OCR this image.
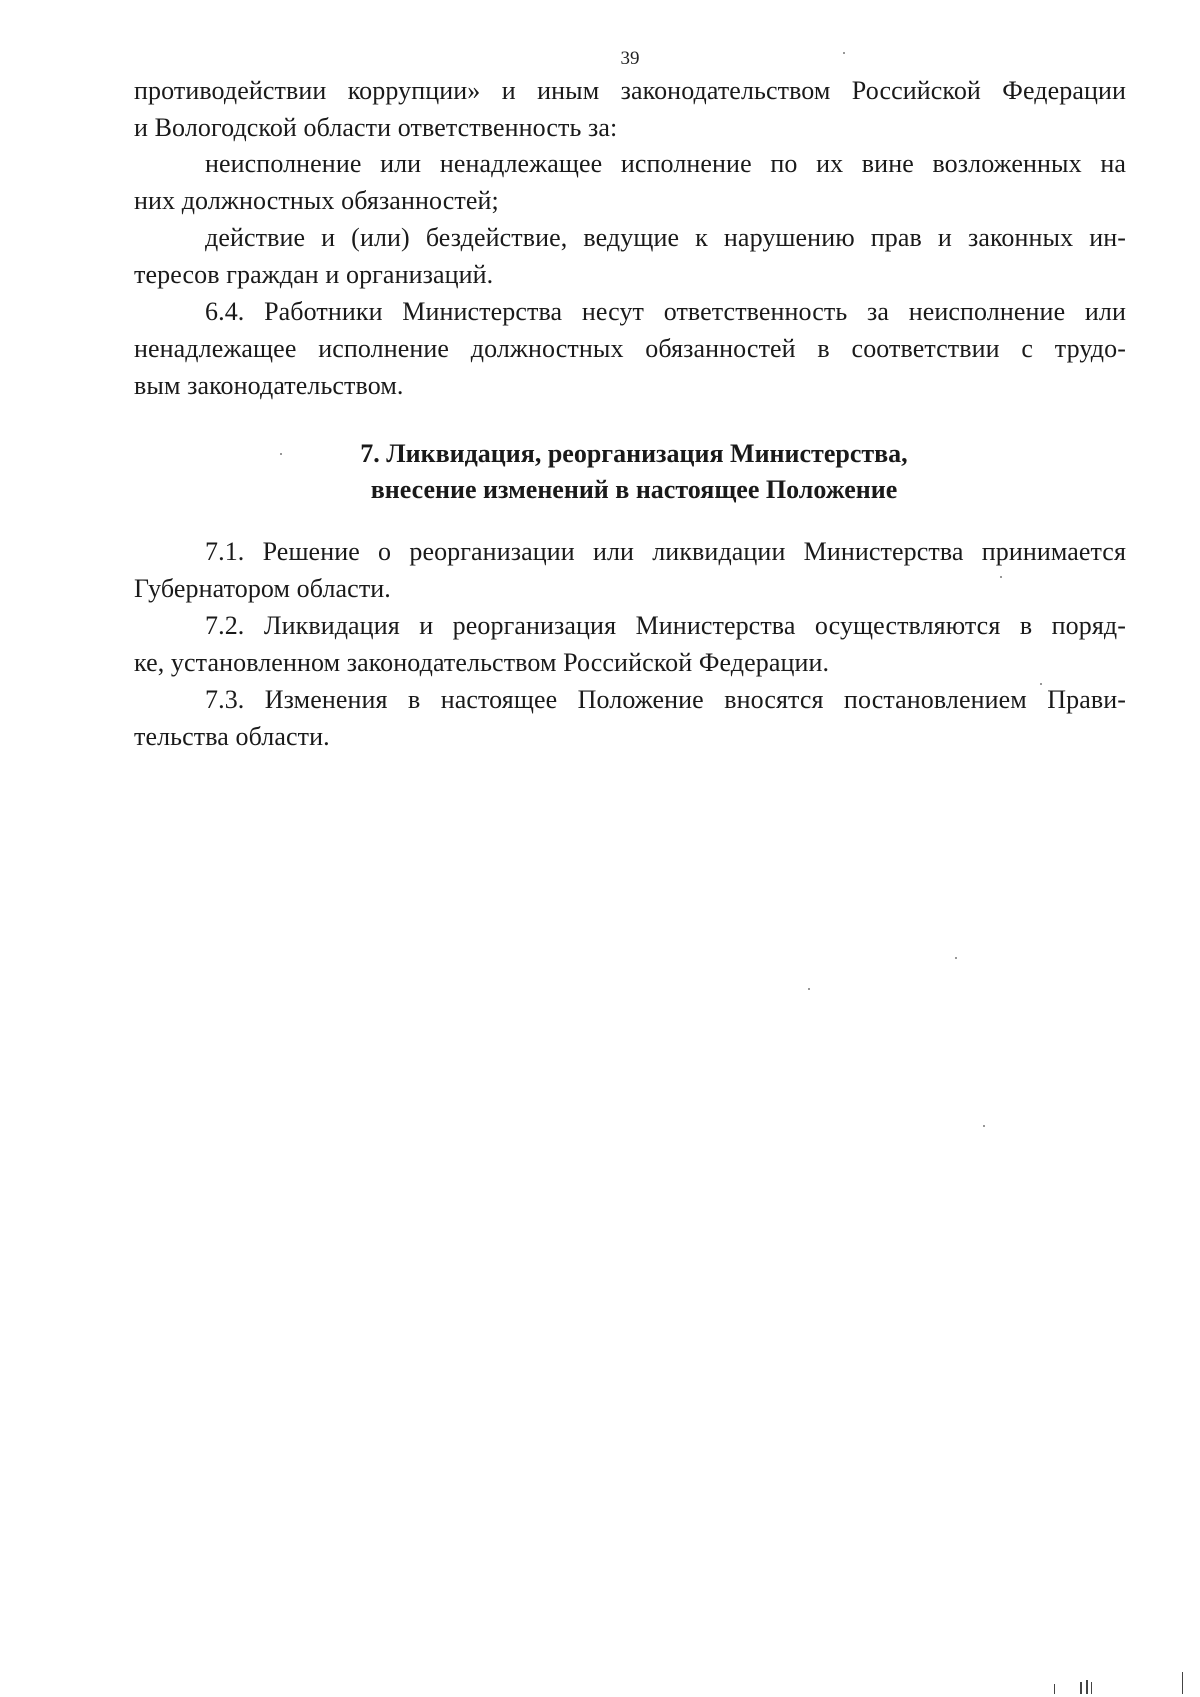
39
противодействии коррупции» и иным законодательством Российской Федерации
и Вологодской области ответственность за:
неисполнение или ненадлежащее исполнение по их вине возложенных на
них должностных обязанностей;
действие и (или) бездействие, ведущие к нарушению прав и законных ин-
тересов граждан и организаций.
6.4. Работники Министерства несут ответственность за неисполнение или
ненадлежащее исполнение должностных обязанностей в соответствии с трудо-
вым законодательством.
7. Ликвидация, реорганизация Министерства,
внесение изменений в настоящее Положение
7.1. Решение о реорганизации или ликвидации Министерства принимается
Губернатором области.
7.2. Ликвидация и реорганизация Министерства осуществляются в поряд-
ке, установленном законодательством Российской Федерации.
7.3. Изменения в настоящее Положение вносятся постановлением Прави-
тельства области.
